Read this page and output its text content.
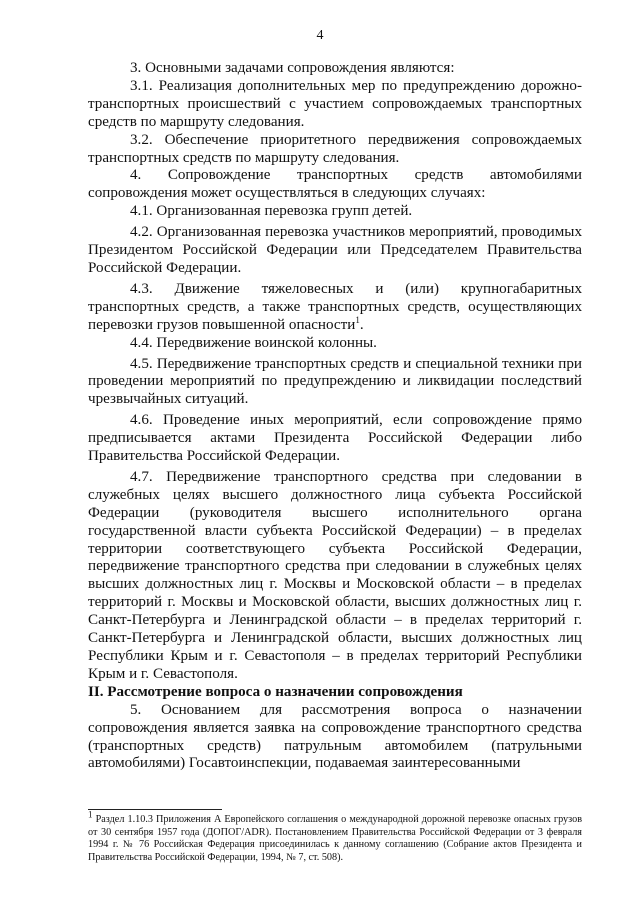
4

3. Основными задачами сопровождения являются:

3.1. Реализация дополнительных мер по предупреждению дорожно-транспортных происшествий с участием сопровождаемых транспортных средств по маршруту следования.

3.2. Обеспечение приоритетного передвижения сопровождаемых транспортных средств по маршруту следования.

4. Сопровождение транспортных средств автомобилями сопровождения может осуществляться в следующих случаях:

4.1. Организованная перевозка групп детей.

4.2. Организованная перевозка участников мероприятий, проводимых Президентом Российской Федерации или Председателем Правительства Российской Федерации.

4.3. Движение тяжеловесных и (или) крупногабаритных транспортных средств, а также транспортных средств, осуществляющих перевозки грузов повышенной опасности$^1$.

4.4. Передвижение воинской колонны.

4.5. Передвижение транспортных средств и специальной техники при проведении мероприятий по предупреждению и ликвидации последствий чрезвычайных ситуаций.

4.6. Проведение иных мероприятий, если сопровождение прямо предписывается актами Президента Российской Федерации либо Правительства Российской Федерации.

4.7. Передвижение транспортного средства при следовании в служебных целях высшего должностного лица субъекта Российской Федерации (руководителя высшего исполнительного органа государственной власти субъекта Российской Федерации) – в пределах территории соответствующего субъекта Российской Федерации, передвижение транспортного средства при следовании в служебных целях высших должностных лиц г. Москвы и Московской области – в пределах территорий г. Москвы и Московской области, высших должностных лиц г. Санкт-Петербурга и Ленинградской области – в пределах территорий г. Санкт-Петербурга и Ленинградской области, высших должностных лиц Республики Крым и г. Севастополя – в пределах территорий Республики Крым и г. Севастополя.

II. Рассмотрение вопроса о назначении сопровождения

5. Основанием для рассмотрения вопроса о назначении сопровождения является заявка на сопровождение транспортного средства (транспортных средств) патрульным автомобилем (патрульными автомобилями) Госавтоинспекции, подаваемая заинтересованными

$^1$ Раздел 1.10.3 Приложения А Европейского соглашения о международной дорожной перевозке опасных грузов от 30 сентября 1957 года (ДОПОГ/ADR). Постановлением Правительства Российской Федерации от 3 февраля 1994 г. № 76 Российская Федерация присоединилась к данному соглашению (Собрание актов Президента и Правительства Российской Федерации, 1994, № 7, ст. 508).
